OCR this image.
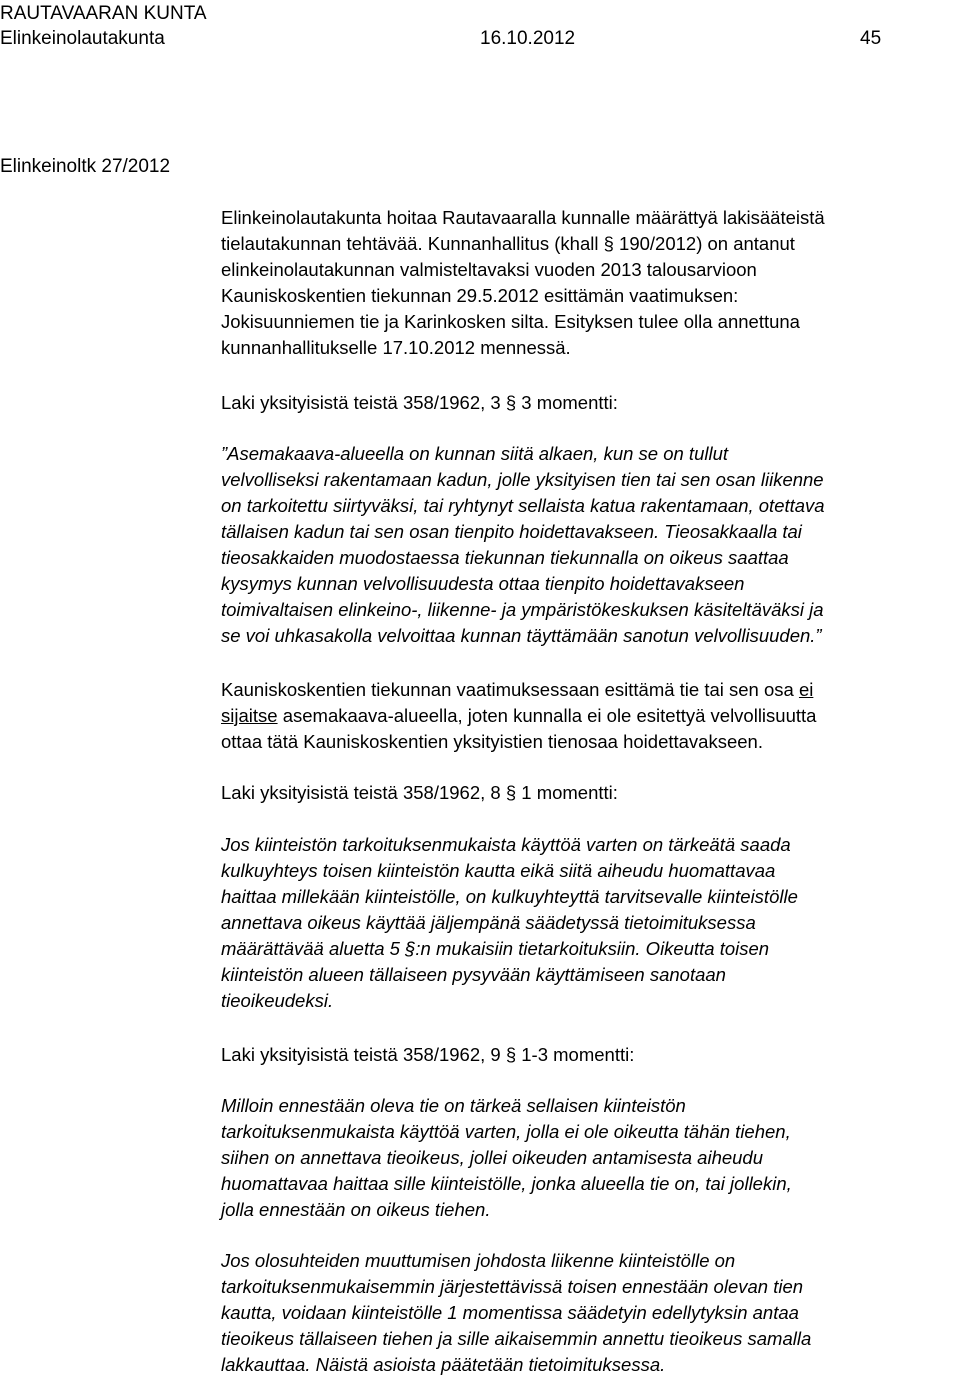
RAUTAVAARAN KUNTA
Elinkeinolautakunta	16.10.2012	45
Elinkeinoltk 27/2012

Elinkeinolautakunta hoitaa Rautavaaralla kunnalle määrättyä lakisääteistä

tielautakunnan tehtävää. Kunnanhallitus (khall § 190/2012) on antanut

elinkeinolautakunnan valmisteltavaksi vuoden 2013 talousarvioon

Kauniskoskentien tiekunnan 29.5.2012 esittämän vaatimuksen:

Jokisuunniemen tie ja Karinkosken silta. Esityksen tulee olla annettuna

kunnanhallitukselle 17.10.2012 mennessä.

Laki yksityisistä teistä 358/1962, 3 § 3 momentti:

”Asemakaava-alueella on kunnan siitä alkaen, kun se on tullut

velvolliseksi rakentamaan kadun, jolle yksityisen tien tai sen osan liikenne

on tarkoitettu siirtyväksi, tai ryhtynyt sellaista katua rakentamaan, otettava

tällaisen kadun tai sen osan tienpito hoidettavakseen. Tieosakkaalla tai

tieosakkaiden muodostaessa tiekunnan tiekunnalla on oikeus saattaa

kysymys kunnan velvollisuudesta ottaa tienpito hoidettavakseen

toimivaltaisen elinkeino-, liikenne- ja ympäristökeskuksen käsiteltäväksi ja

se voi uhkasakolla velvoittaa kunnan täyttämään sanotun velvollisuuden.”

Kauniskoskentien tiekunnan vaatimuksessaan esittämä tie tai sen osa ei

sijaitse asemakaava-alueella, joten kunnalla ei ole esitettyä velvollisuutta

ottaa tätä Kauniskoskentien yksityistien tienosaa hoidettavakseen.

Laki yksityisistä teistä 358/1962, 8 § 1 momentti:

Jos kiinteistön tarkoituksenmukaista käyttöä varten on tärkeätä saada

kulkuyhteys toisen kiinteistön kautta eikä siitä aiheudu huomattavaa

haittaa millekään kiinteistölle, on kulkuyhteyttä tarvitsevalle kiinteistölle

annettava oikeus käyttää jäljempänä säädetyssä tietoimituksessa

määrättävää aluetta 5 §:n mukaisiin tietarkoituksiin. Oikeutta toisen

kiinteistön alueen tällaiseen pysyvään käyttämiseen sanotaan

tieoikeudeksi.

Laki yksityisistä teistä 358/1962, 9 § 1-3 momentti:

Milloin ennestään oleva tie on tärkeä sellaisen kiinteistön

tarkoituksenmukaista käyttöä varten, jolla ei ole oikeutta tähän tiehen,

siihen on annettava tieoikeus, jollei oikeuden antamisesta aiheudu

huomattavaa haittaa sille kiinteistölle, jonka alueella tie on, tai jollekin,

jolla ennestään on oikeus tiehen.

Jos olosuhteiden muuttumisen johdosta liikenne kiinteistölle on

tarkoituksenmukaisemmin järjestettävissä toisen ennestään olevan tien

kautta, voidaan kiinteistölle 1 momentissa säädetyin edellytyksin antaa

tieoikeus tällaiseen tiehen ja sille aikaisemmin annettu tieoikeus samalla

lakkauttaa. Näistä asioista päätetään tietoimituksessa.
